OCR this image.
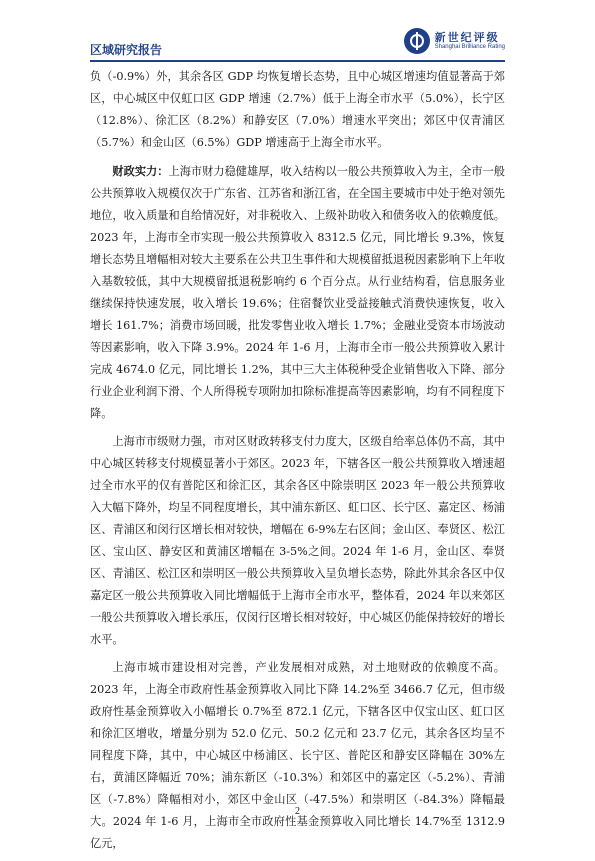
区域研究报告
新世纪评级
Shanghai Brilliance Rating

负（-0.9%）外，其余各区 GDP 均恢复增长态势，且中心城区增速均值显著高于郊区，中心城区中仅虹口区 GDP 增速（2.7%）低于上海全市水平（5.0%），长宁区（12.8%）、徐汇区（8.2%）和静安区（7.0%）增速水平突出；郊区中仅青浦区（5.7%）和金山区（6.5%）GDP 增速高于上海全市水平。

财政实力：上海市财力稳健雄厚，收入结构以一般公共预算收入为主，全市一般公共预算收入规模仅次于广东省、江苏省和浙江省，在全国主要城市中处于绝对领先地位，收入质量和自给情况好，对非税收入、上级补助收入和债务收入的依赖度低。2023 年，上海市全市实现一般公共预算收入 8312.5 亿元，同比增长 9.3%，恢复增长态势且增幅相对较大主要系在公共卫生事件和大规模留抵退税因素影响下上年收入基数较低，其中大规模留抵退税影响约 6 个百分点。从行业结构看，信息服务业继续保持快速发展，收入增长 19.6%；住宿餐饮业受益接触式消费快速恢复，收入增长 161.7%；消费市场回暖，批发零售业收入增长 1.7%；金融业受资本市场波动等因素影响，收入下降 3.9%。2024 年 1-6 月，上海市全市一般公共预算收入累计完成 4674.0 亿元，同比增长 1.2%，其中三大主体税种受企业销售收入下降、部分行业企业利润下滑、个人所得税专项附加扣除标准提高等因素影响，均有不同程度下降。

上海市市级财力强，市对区财政转移支付力度大，区级自给率总体仍不高，其中中心城区转移支付规模显著小于郊区。2023 年，下辖各区一般公共预算收入增速超过全市水平的仅有普陀区和徐汇区，其余各区中除崇明区 2023 年一般公共预算收入大幅下降外，均呈不同程度增长，其中浦东新区、虹口区、长宁区、嘉定区、杨浦区、青浦区和闵行区增长相对较快，增幅在 6-9%左右区间；金山区、奉贤区、松江区、宝山区、静安区和黄浦区增幅在 3-5%之间。2024 年 1-6 月，金山区、奉贤区、青浦区、松江区和崇明区一般公共预算收入呈负增长态势，除此外其余各区中仅嘉定区一般公共预算收入同比增幅低于上海市全市水平，整体看，2024 年以来郊区一般公共预算收入增长承压，仅闵行区增长相对较好，中心城区仍能保持较好的增长水平。

上海市城市建设相对完善，产业发展相对成熟，对土地财政的依赖度不高。2023 年，上海全市政府性基金预算收入同比下降 14.2%至 3466.7 亿元，但市级政府性基金预算收入小幅增长 0.7%至 872.1 亿元，下辖各区中仅宝山区、虹口区和徐汇区增收，增量分别为 52.0 亿元、50.2 亿元和 23.7 亿元，其余各区均呈不同程度下降，其中，中心城区中杨浦区、长宁区、普陀区和静安区降幅在 30%左右，黄浦区降幅近 70%；浦东新区（-10.3%）和郊区中的嘉定区（-5.2%）、青浦区（-7.8%）降幅相对小，郊区中金山区（-47.5%）和崇明区（-84.3%）降幅最大。2024 年 1-6 月，上海市全市政府性基金预算收入同比增长 14.7%至 1312.9 亿元，

2
